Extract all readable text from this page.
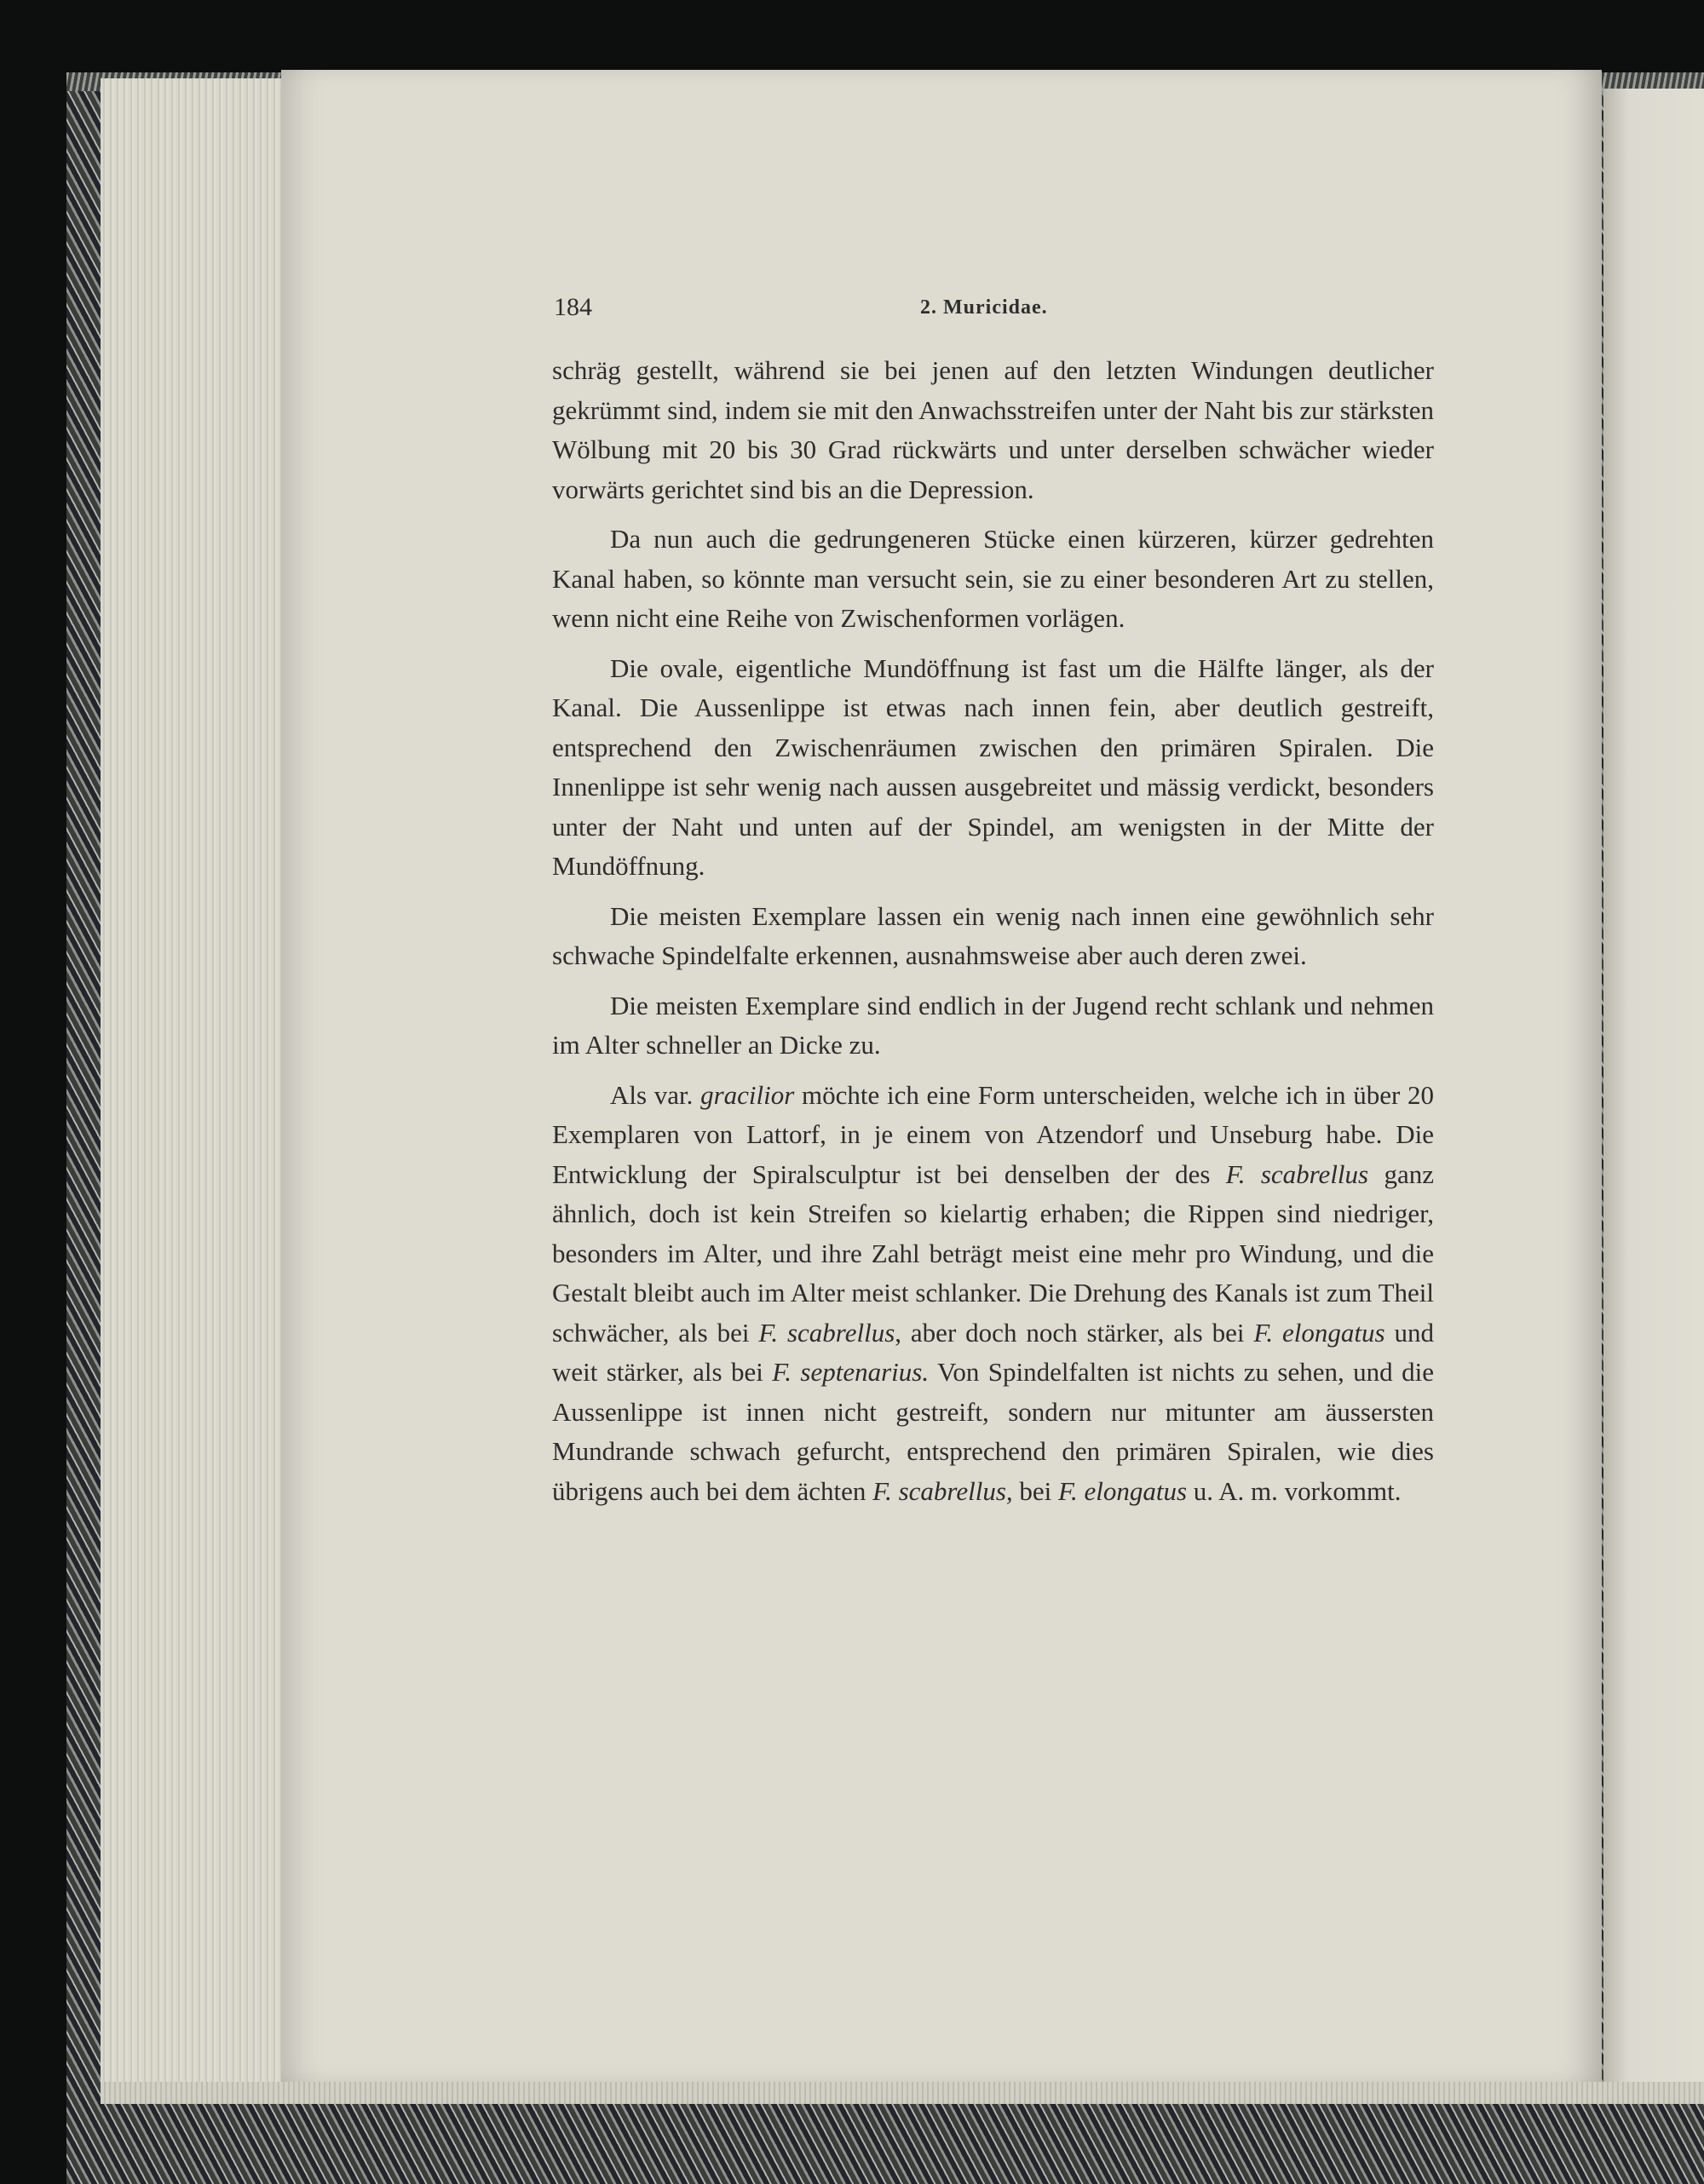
184	2. Muricidae.

schräg gestellt, während sie bei jenen auf den letzten Windungen deutlicher gekrümmt sind, indem sie mit den Anwachsstreifen unter der Naht bis zur stärksten Wölbung mit 20 bis 30 Grad rückwärts und unter derselben schwächer wieder vorwärts gerichtet sind bis an die Depression.

Da nun auch die gedrungeneren Stücke einen kürzeren, kürzer gedrehten Kanal haben, so könnte man versucht sein, sie zu einer besonderen Art zu stellen, wenn nicht eine Reihe von Zwischenformen vorlägen.

Die ovale, eigentliche Mundöffnung ist fast um die Hälfte länger, als der Kanal. Die Aussenlippe ist etwas nach innen fein, aber deutlich gestreift, entsprechend den Zwischenräumen zwischen den primären Spiralen. Die Innenlippe ist sehr wenig nach aussen ausgebreitet und mässig verdickt, besonders unter der Naht und unten auf der Spindel, am wenigsten in der Mitte der Mundöffnung.

Die meisten Exemplare lassen ein wenig nach innen eine gewöhnlich sehr schwache Spindelfalte erkennen, ausnahmsweise aber auch deren zwei.

Die meisten Exemplare sind endlich in der Jugend recht schlank und nehmen im Alter schneller an Dicke zu.

Als var. gracilior möchte ich eine Form unterscheiden, welche ich in über 20 Exemplaren von Lattorf, in je einem von Atzendorf und Unseburg habe. Die Entwicklung der Spiralsculptur ist bei denselben der des F. scabrellus ganz ähnlich, doch ist kein Streifen so kielartig erhaben; die Rippen sind niedriger, besonders im Alter, und ihre Zahl beträgt meist eine mehr pro Windung, und die Gestalt bleibt auch im Alter meist schlanker. Die Drehung des Kanals ist zum Theil schwächer, als bei F. scabrellus, aber doch noch stärker, als bei F. elongatus und weit stärker, als bei F. septenarius. Von Spindelfalten ist nichts zu sehen, und die Aussenlippe ist innen nicht gestreift, sondern nur mitunter am äussersten Mundrande schwach gefurcht, entsprechend den primären Spiralen, wie dies übrigens auch bei dem ächten F. scabrellus, bei F. elongatus u. A. m. vorkommt.
